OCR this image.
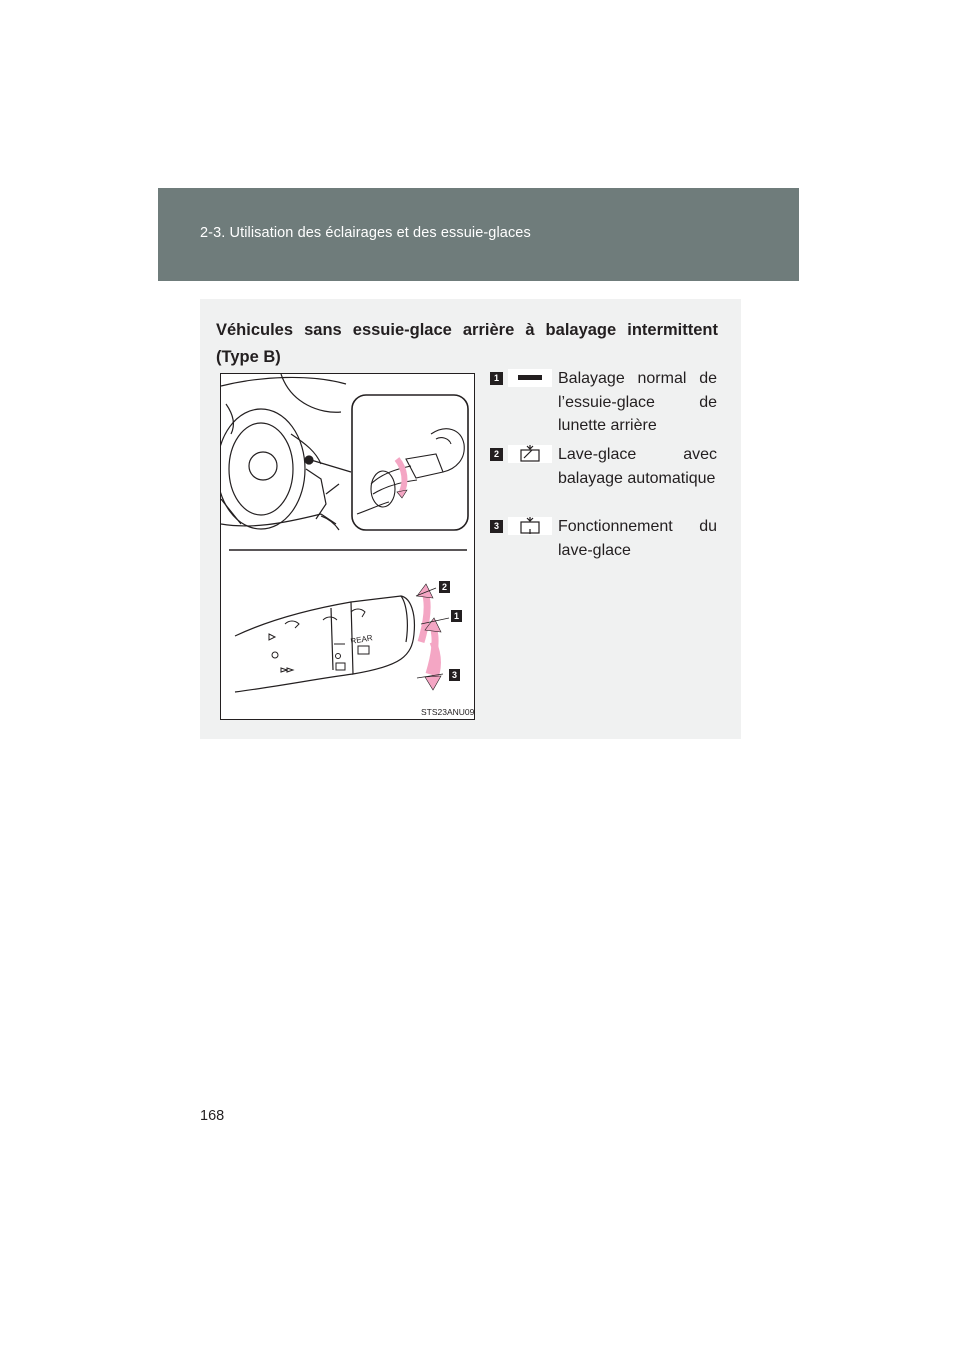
2-3. Utilisation des éclairages et des essuie-glaces
Véhicules sans essuie-glace arrière à balayage intermittent (Type B)
REAR
2
1
3
STS23ANU09
1	Balayage normal de l’essuie-glace de lunette arrière
2	Lave-glace avec balayage automatique
3	Fonctionnement du lave-glace
168
